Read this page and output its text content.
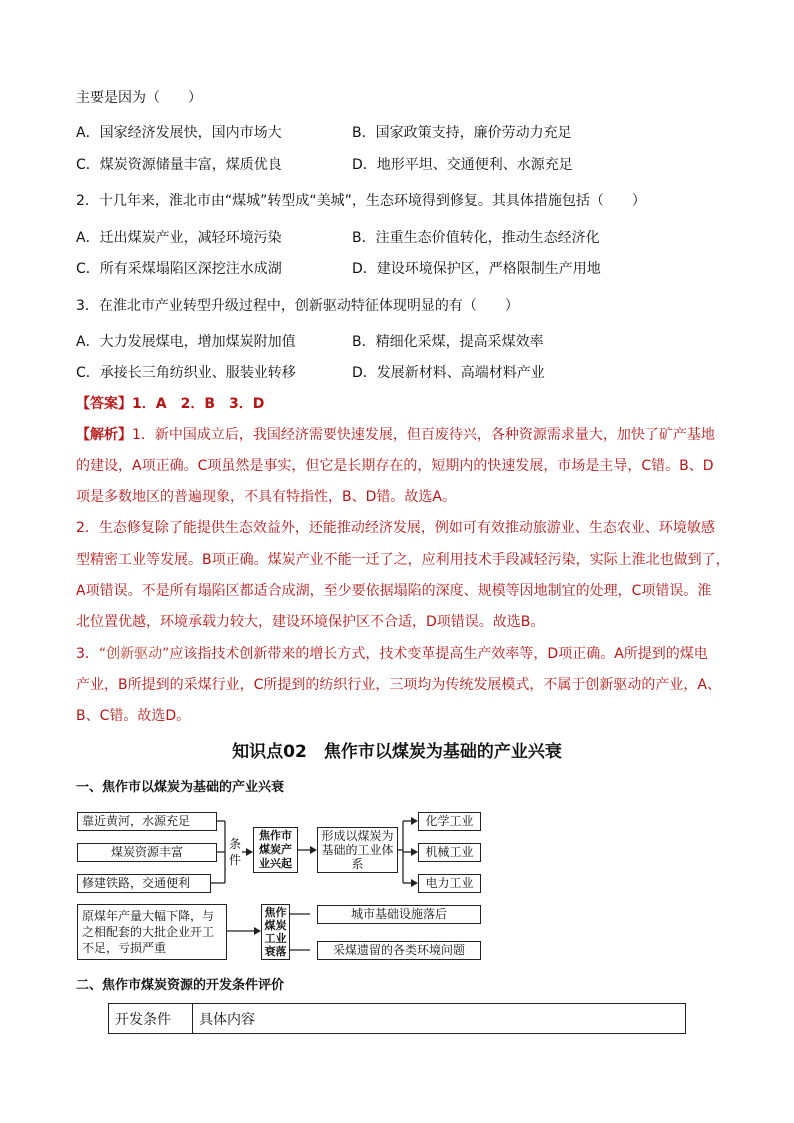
主要是因为（　　）
A．国家经济发展快，国内市场大	B．国家政策支持，廉价劳动力充足
C．煤炭资源储量丰富，煤质优良	D．地形平坦、交通便利、水源充足
2．十几年来，淮北市由“煤城”转型成“美城”，生态环境得到修复。其具体措施包括（　　）
A．迁出煤炭产业，减轻环境污染	B．注重生态价值转化，推动生态经济化
C．所有采煤塌陷区深挖注水成湖	D．建设环境保护区，严格限制生产用地
3．在淮北市产业转型升级过程中，创新驱动特征体现明显的有（　　）
A．大力发展煤电，增加煤炭附加值	B．精细化采煤，提高采煤效率
C．承接长三角纺织业、服装业转移	D．发展新材料、高端材料产业
【答案】1．A　2．B　3．D
【解析】1．新中国成立后，我国经济需要快速发展，但百废待兴，各种资源需求量大，加快了矿产基地
的建设，A项正确。C项虽然是事实，但它是长期存在的，短期内的快速发展，市场是主导，C错。B、D
项是多数地区的普遍现象，不具有特指性，B、D错。故选A。
2．生态修复除了能提供生态效益外，还能推动经济发展，例如可有效推动旅游业、生态农业、环境敏感
型精密工业等发展。B项正确。煤炭产业不能一迁了之，应利用技术手段减轻污染，实际上淮北也做到了，
A项错误。不是所有塌陷区都适合成湖，至少要依据塌陷的深度、规模等因地制宜的处理，C项错误。淮
北位置优越，环境承载力较大，建设环境保护区不合适，D项错误。故选B。
3．“创新驱动”应该指技术创新带来的增长方式，技术变革提高生产效率等，D项正确。A所提到的煤电
产业，B所提到的采煤行业，C所提到的纺织行业，三项均为传统发展模式，不属于创新驱动的产业，A、
B、C错。故选D。
知识点02　焦作市以煤炭为基础的产业兴衰
一、焦作市以煤炭为基础的产业兴衰
靠近黄河，水源充足
煤炭资源丰富
修建铁路，交通便利
条件
焦作市煤炭产业兴起
形成以煤炭为基础的工业体系
化学工业
机械工业
电力工业
原煤年产量大幅下降，与之相配套的大批企业开工不足，亏损严重
焦作煤炭工业衰落
城市基础设施落后
采煤遗留的各类环境问题
二、焦作市煤炭资源的开发条件评价
开发条件	具体内容
